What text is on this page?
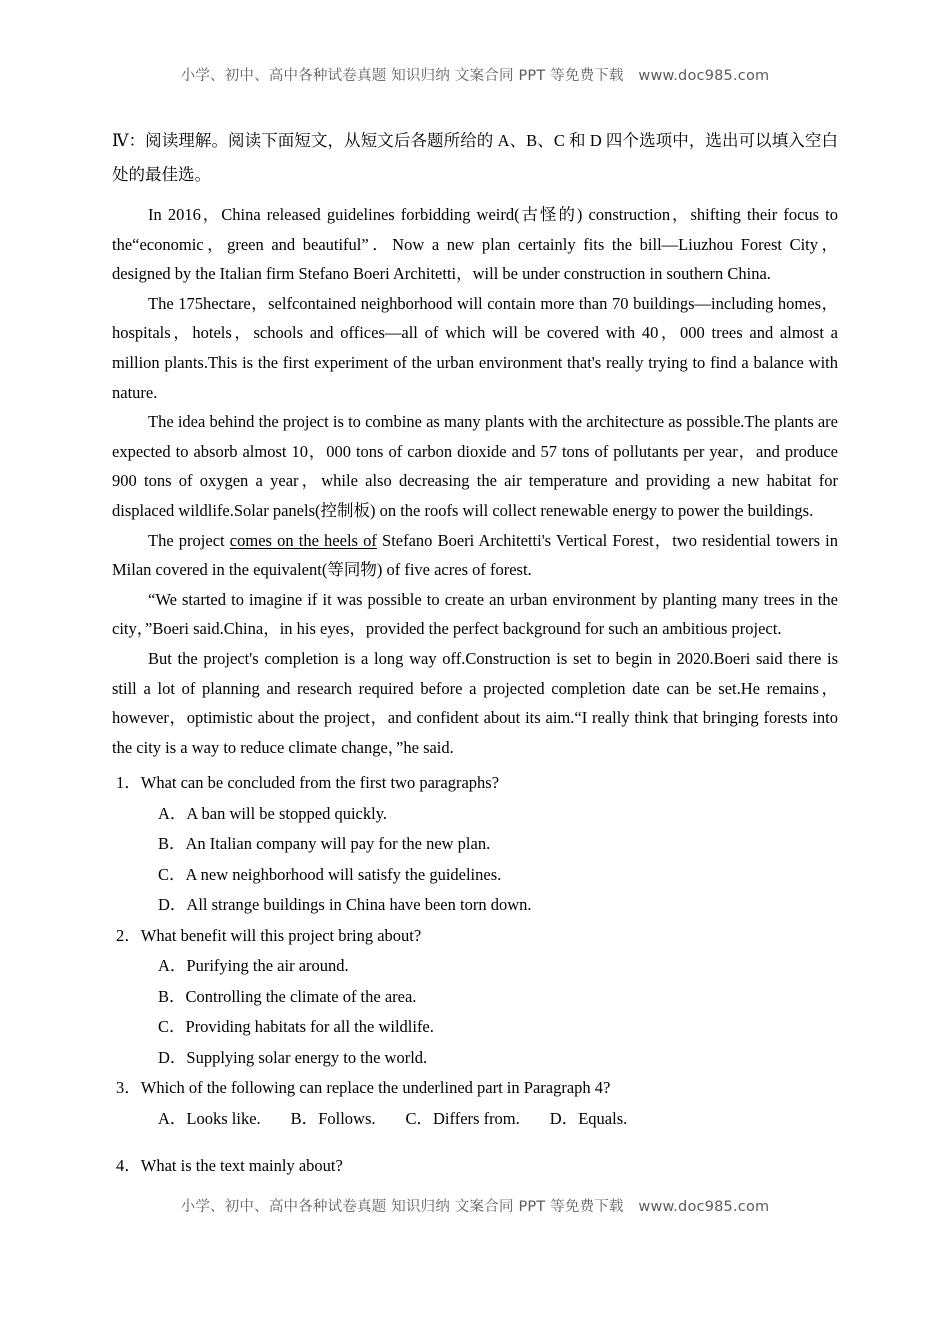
小学、初中、高中各种试卷真题 知识归纳 文案合同 PPT 等免费下载　www.doc985.com

Ⅳ：阅读理解。阅读下面短文，从短文后各题所给的 A、B、C 和 D 四个选项中，选出可以填入空白处的最佳选。

In 2016，China released guidelines forbidding weird(古怪的) construction，shifting their focus to the“economic，green and beautiful”．Now a new plan certainly fits the bill—Liuzhou Forest City，designed by the Italian firm Stefano Boeri Architetti，will be under construction in southern China.

The 175hectare，selfcontained neighborhood will contain more than 70 buildings—including homes，hospitals，hotels，schools and offices—all of which will be covered with 40，000 trees and almost a million plants.This is the first experiment of the urban environment that's really trying to find a balance with nature.

The idea behind the project is to combine as many plants with the architecture as possible.The plants are expected to absorb almost 10，000 tons of carbon dioxide and 57 tons of pollutants per year，and produce 900 tons of oxygen a year，while also decreasing the air temperature and providing a new habitat for displaced wildlife.Solar panels(控制板) on the roofs will collect renewable energy to power the buildings.

The project comes on the heels of Stefano Boeri Architetti's Vertical Forest，two residential towers in Milan covered in the equivalent(等同物) of five acres of forest.

“We started to imagine if it was possible to create an urban environment by planting many trees in the city，”Boeri said.China，in his eyes，provided the perfect background for such an ambitious project.

But the project's completion is a long way off.Construction is set to begin in 2020.Boeri said there is still a lot of planning and research required before a projected completion date can be set.He remains，however，optimistic about the project，and confident about its aim.“I really think that bringing forests into the city is a way to reduce climate change，”he said.

1．What can be concluded from the first two paragraphs?

A．A ban will be stopped quickly.
B．An Italian company will pay for the new plan.
C．A new neighborhood will satisfy the guidelines.
D．All strange buildings in China have been torn down.

2．What benefit will this project bring about?

A．Purifying the air around.
B．Controlling the climate of the area.
C．Providing habitats for all the wildlife.
D．Supplying solar energy to the world.

3．Which of the following can replace the underlined part in Paragraph 4?

A．Looks like. B．Follows. C．Differs from. D．Equals.

4．What is the text mainly about?

小学、初中、高中各种试卷真题 知识归纳 文案合同 PPT 等免费下载　www.doc985.com
